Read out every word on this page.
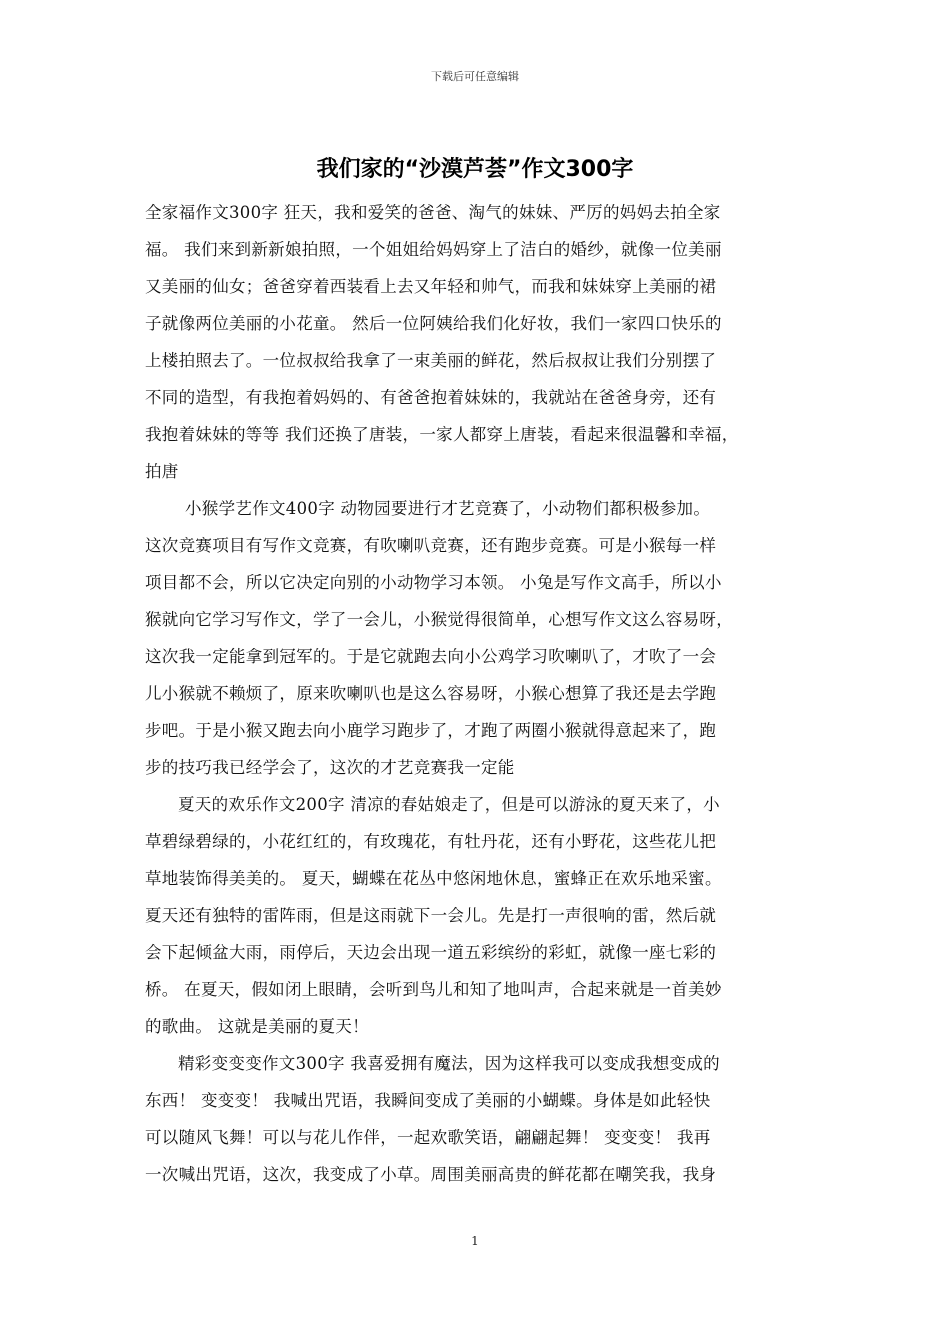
下载后可任意编辑
我们家的“沙漠芦荟”作文300字
全家福作文300字 狂天，我和爱笑的爸爸、淘气的妹妹、严厉的妈妈去拍全家
福。 我们来到新新娘拍照，一个姐姐给妈妈穿上了洁白的婚纱，就像一位美丽
又美丽的仙女；爸爸穿着西装看上去又年轻和帅气，而我和妹妹穿上美丽的裙
子就像两位美丽的小花童。 然后一位阿姨给我们化好妆，我们一家四口快乐的
上楼拍照去了。一位叔叔给我拿了一束美丽的鲜花，然后叔叔让我们分别摆了
不同的造型，有我抱着妈妈的、有爸爸抱着妹妹的，我就站在爸爸身旁，还有
我抱着妹妹的等等 我们还换了唐装，一家人都穿上唐装，看起来很温馨和幸福，
拍唐
小猴学艺作文400字 动物园要进行才艺竞赛了，小动物们都积极参加。
这次竞赛项目有写作文竞赛，有吹喇叭竞赛，还有跑步竞赛。可是小猴每一样
项目都不会，所以它决定向别的小动物学习本领。 小兔是写作文高手，所以小
猴就向它学习写作文，学了一会儿，小猴觉得很简单，心想写作文这么容易呀，
这次我一定能拿到冠军的。于是它就跑去向小公鸡学习吹喇叭了，才吹了一会
儿小猴就不赖烦了，原来吹喇叭也是这么容易呀，小猴心想算了我还是去学跑
步吧。于是小猴又跑去向小鹿学习跑步了，才跑了两圈小猴就得意起来了，跑
步的技巧我已经学会了，这次的才艺竞赛我一定能
夏天的欢乐作文200字 清凉的春姑娘走了，但是可以游泳的夏天来了，小
草碧绿碧绿的，小花红红的，有玫瑰花，有牡丹花，还有小野花，这些花儿把
草地装饰得美美的。 夏天，蝴蝶在花丛中悠闲地休息，蜜蜂正在欢乐地采蜜。
夏天还有独特的雷阵雨，但是这雨就下一会儿。先是打一声很响的雷，然后就
会下起倾盆大雨，雨停后，天边会出现一道五彩缤纷的彩虹，就像一座七彩的
桥。 在夏天，假如闭上眼睛，会听到鸟儿和知了地叫声，合起来就是一首美妙
的歌曲。 这就是美丽的夏天！
精彩变变变作文300字 我喜爱拥有魔法，因为这样我可以变成我想变成的
东西！ 变变变！ 我喊出咒语，我瞬间变成了美丽的小蝴蝶。身体是如此轻快
可以随风飞舞！可以与花儿作伴，一起欢歌笑语，翩翩起舞！ 变变变！ 我再
一次喊出咒语，这次，我变成了小草。周围美丽高贵的鲜花都在嘲笑我，我身
1
